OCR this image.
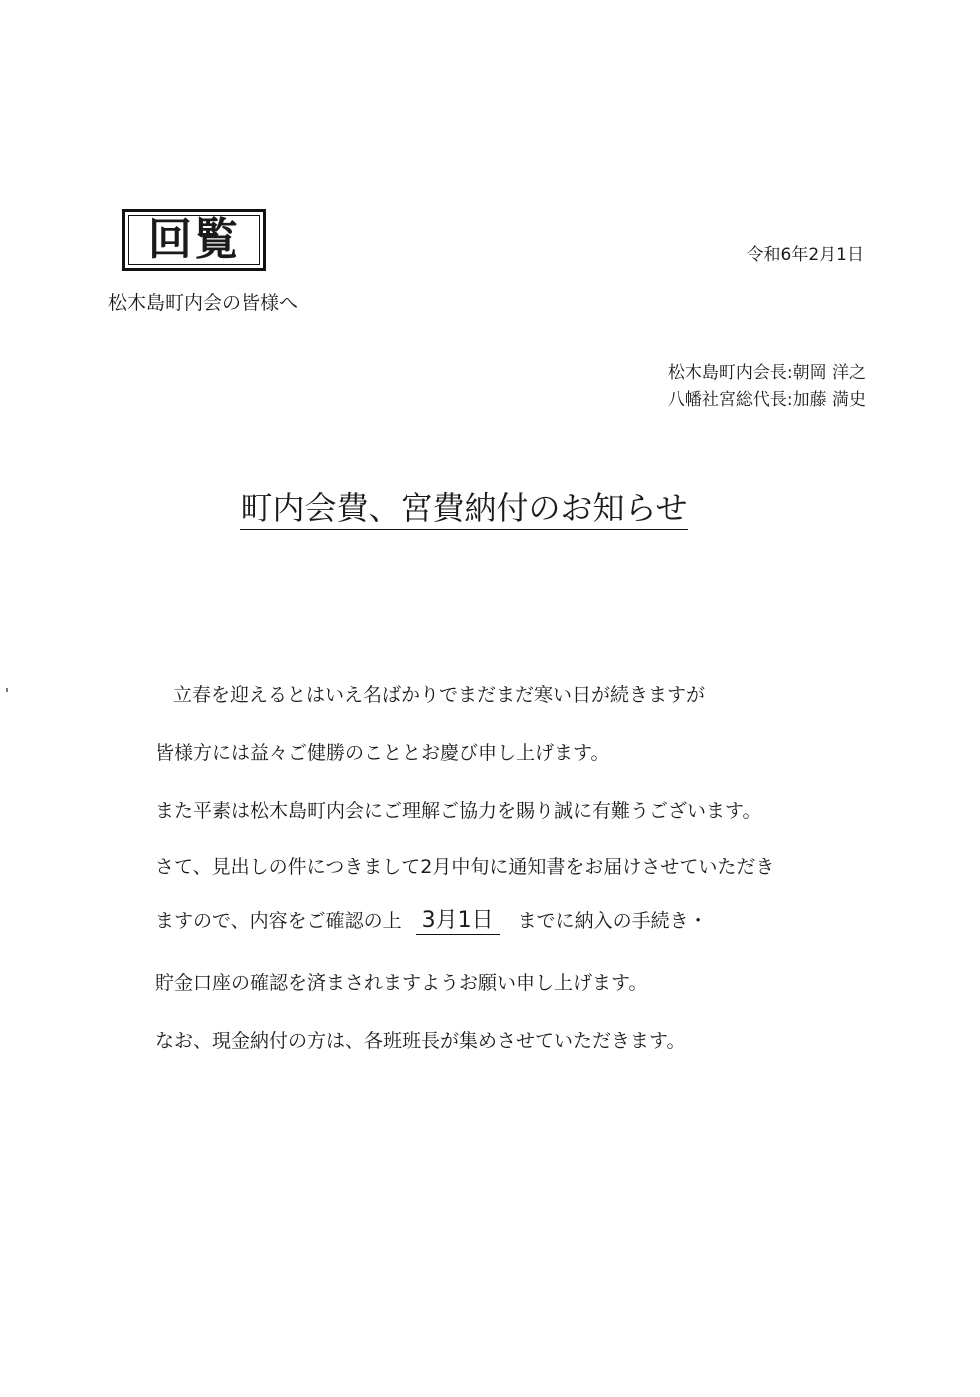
回覧	令和6年2月1日
松木島町内会の皆様へ
松木島町内会長:朝岡 洋之
八幡社宮総代長:加藤 満史
町内会費、宮費納付のお知らせ
立春を迎えるとはいえ名ばかりでまだまだ寒い日が続きますが
皆様方には益々ご健勝のこととお慶び申し上げます。
また平素は松木島町内会にご理解ご協力を賜り誠に有難うございます。
さて、見出しの件につきまして2月中旬に通知書をお届けさせていただき
ますので、内容をご確認の上 3月1日 までに納入の手続き・
貯金口座の確認を済まされますようお願い申し上げます。
なお、現金納付の方は、各班班長が集めさせていただきます。
